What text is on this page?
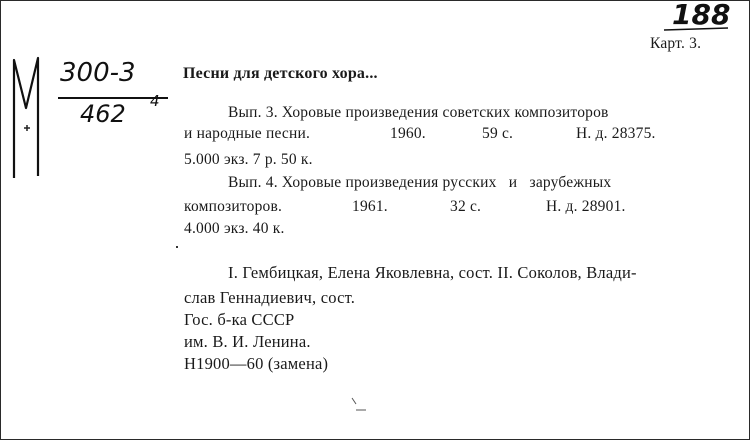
188
300-3
462 4
Карт. 3.
Песни для детского хора...
Вып. 3. Хоровые произведения советских композиторов
и народные песни.	1960.	59 с.	Н. д. 28375.
5.000 экз. 7 р. 50 к.
Вып. 4. Хоровые произведения русских   и   зарубежных
композиторов.	1961.	32 с.	Н. д. 28901.
4.000 экз. 40 к.
I. Гембицкая, Елена Яковлевна, сост. II. Соколов, Влади-
слав Геннадиевич, сост.
Гос. б-ка СССР
им. В. И. Ленина.
Н1900—60 (замена)
